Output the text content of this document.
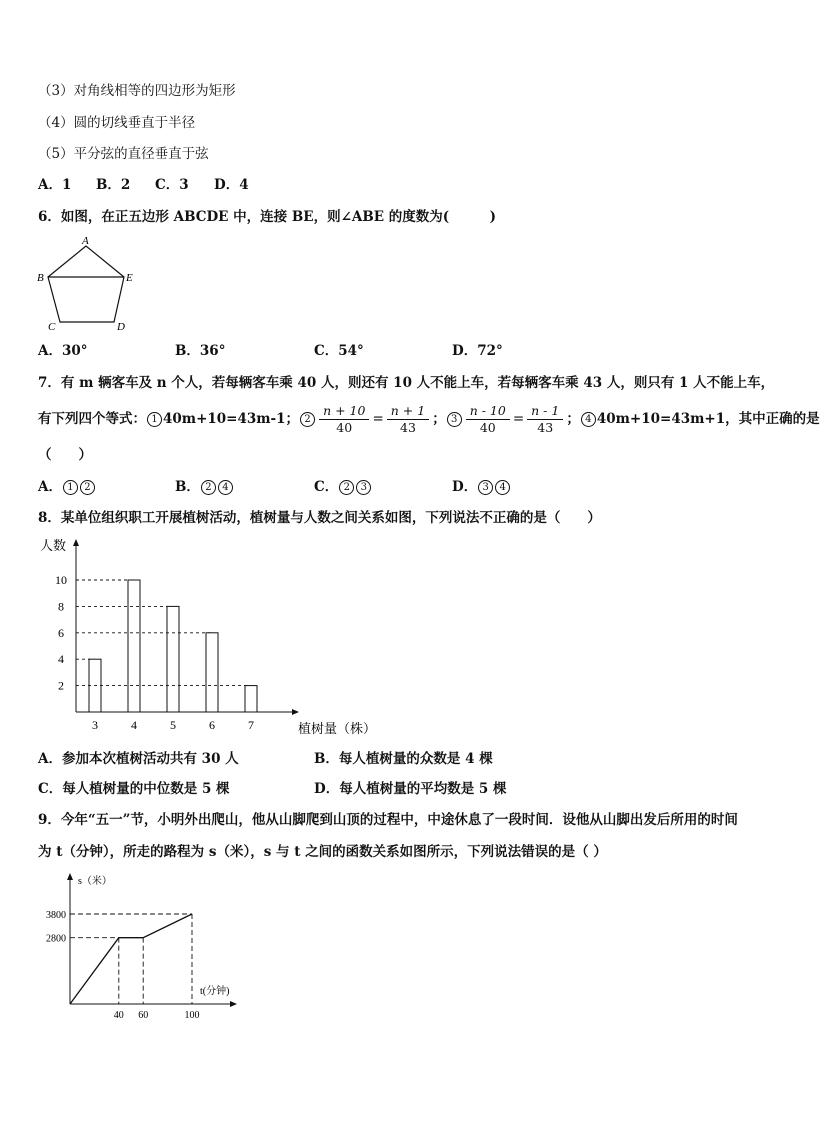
（3）对角线相等的四边形为矩形
（4）圆的切线垂直于半径
（5）平分弦的直径垂直于弦
A．1 B．2 C．3 D．4
6．如图，在正五边形 ABCDE 中，连接 BE，则∠ABE 的度数为(　　　)
A
B
C	D
E
A．30°	B．36°	C．54°	D．72°
7．有 m 辆客车及 n 个人，若每辆客车乘 40 人，则还有 10 人不能上车，若每辆客车乘 43 人，则只有 1 人不能上车，
有下列四个等式： 1 40m+10=43m-1； $2 \frac{n + 10}{40} = \frac{n + 1}{43}$ ； $3 \frac{n - 10}{40} = \frac{n - 1}{43}$ ； 4 40m+10=43m+1，其中正确的是
（　　）
A． 1 2	B． 2 4	C． 2 3	D． 3 4
8．某单位组织职工开展植树活动，植树量与人数之间关系如图，下列说法不正确的是（　　）
人数
植树量（株）
2
4
6
8
10
3	4	5	6	7
A．参加本次植树活动共有 30 人	B．每人植树量的众数是 4 棵
C．每人植树量的中位数是 5 棵	D．每人植树量的平均数是 5 棵
9．今年“五一”节，小明外出爬山，他从山脚爬到山顶的过程中，中途休息了一段时间．设他从山脚出发后所用的时间
为 t（分钟），所走的路程为 s（米），s 与 t 之间的函数关系如图所示，下列说法错误的是（ ）
s（米）
t(分钟)
40 60	100
2800
3800
